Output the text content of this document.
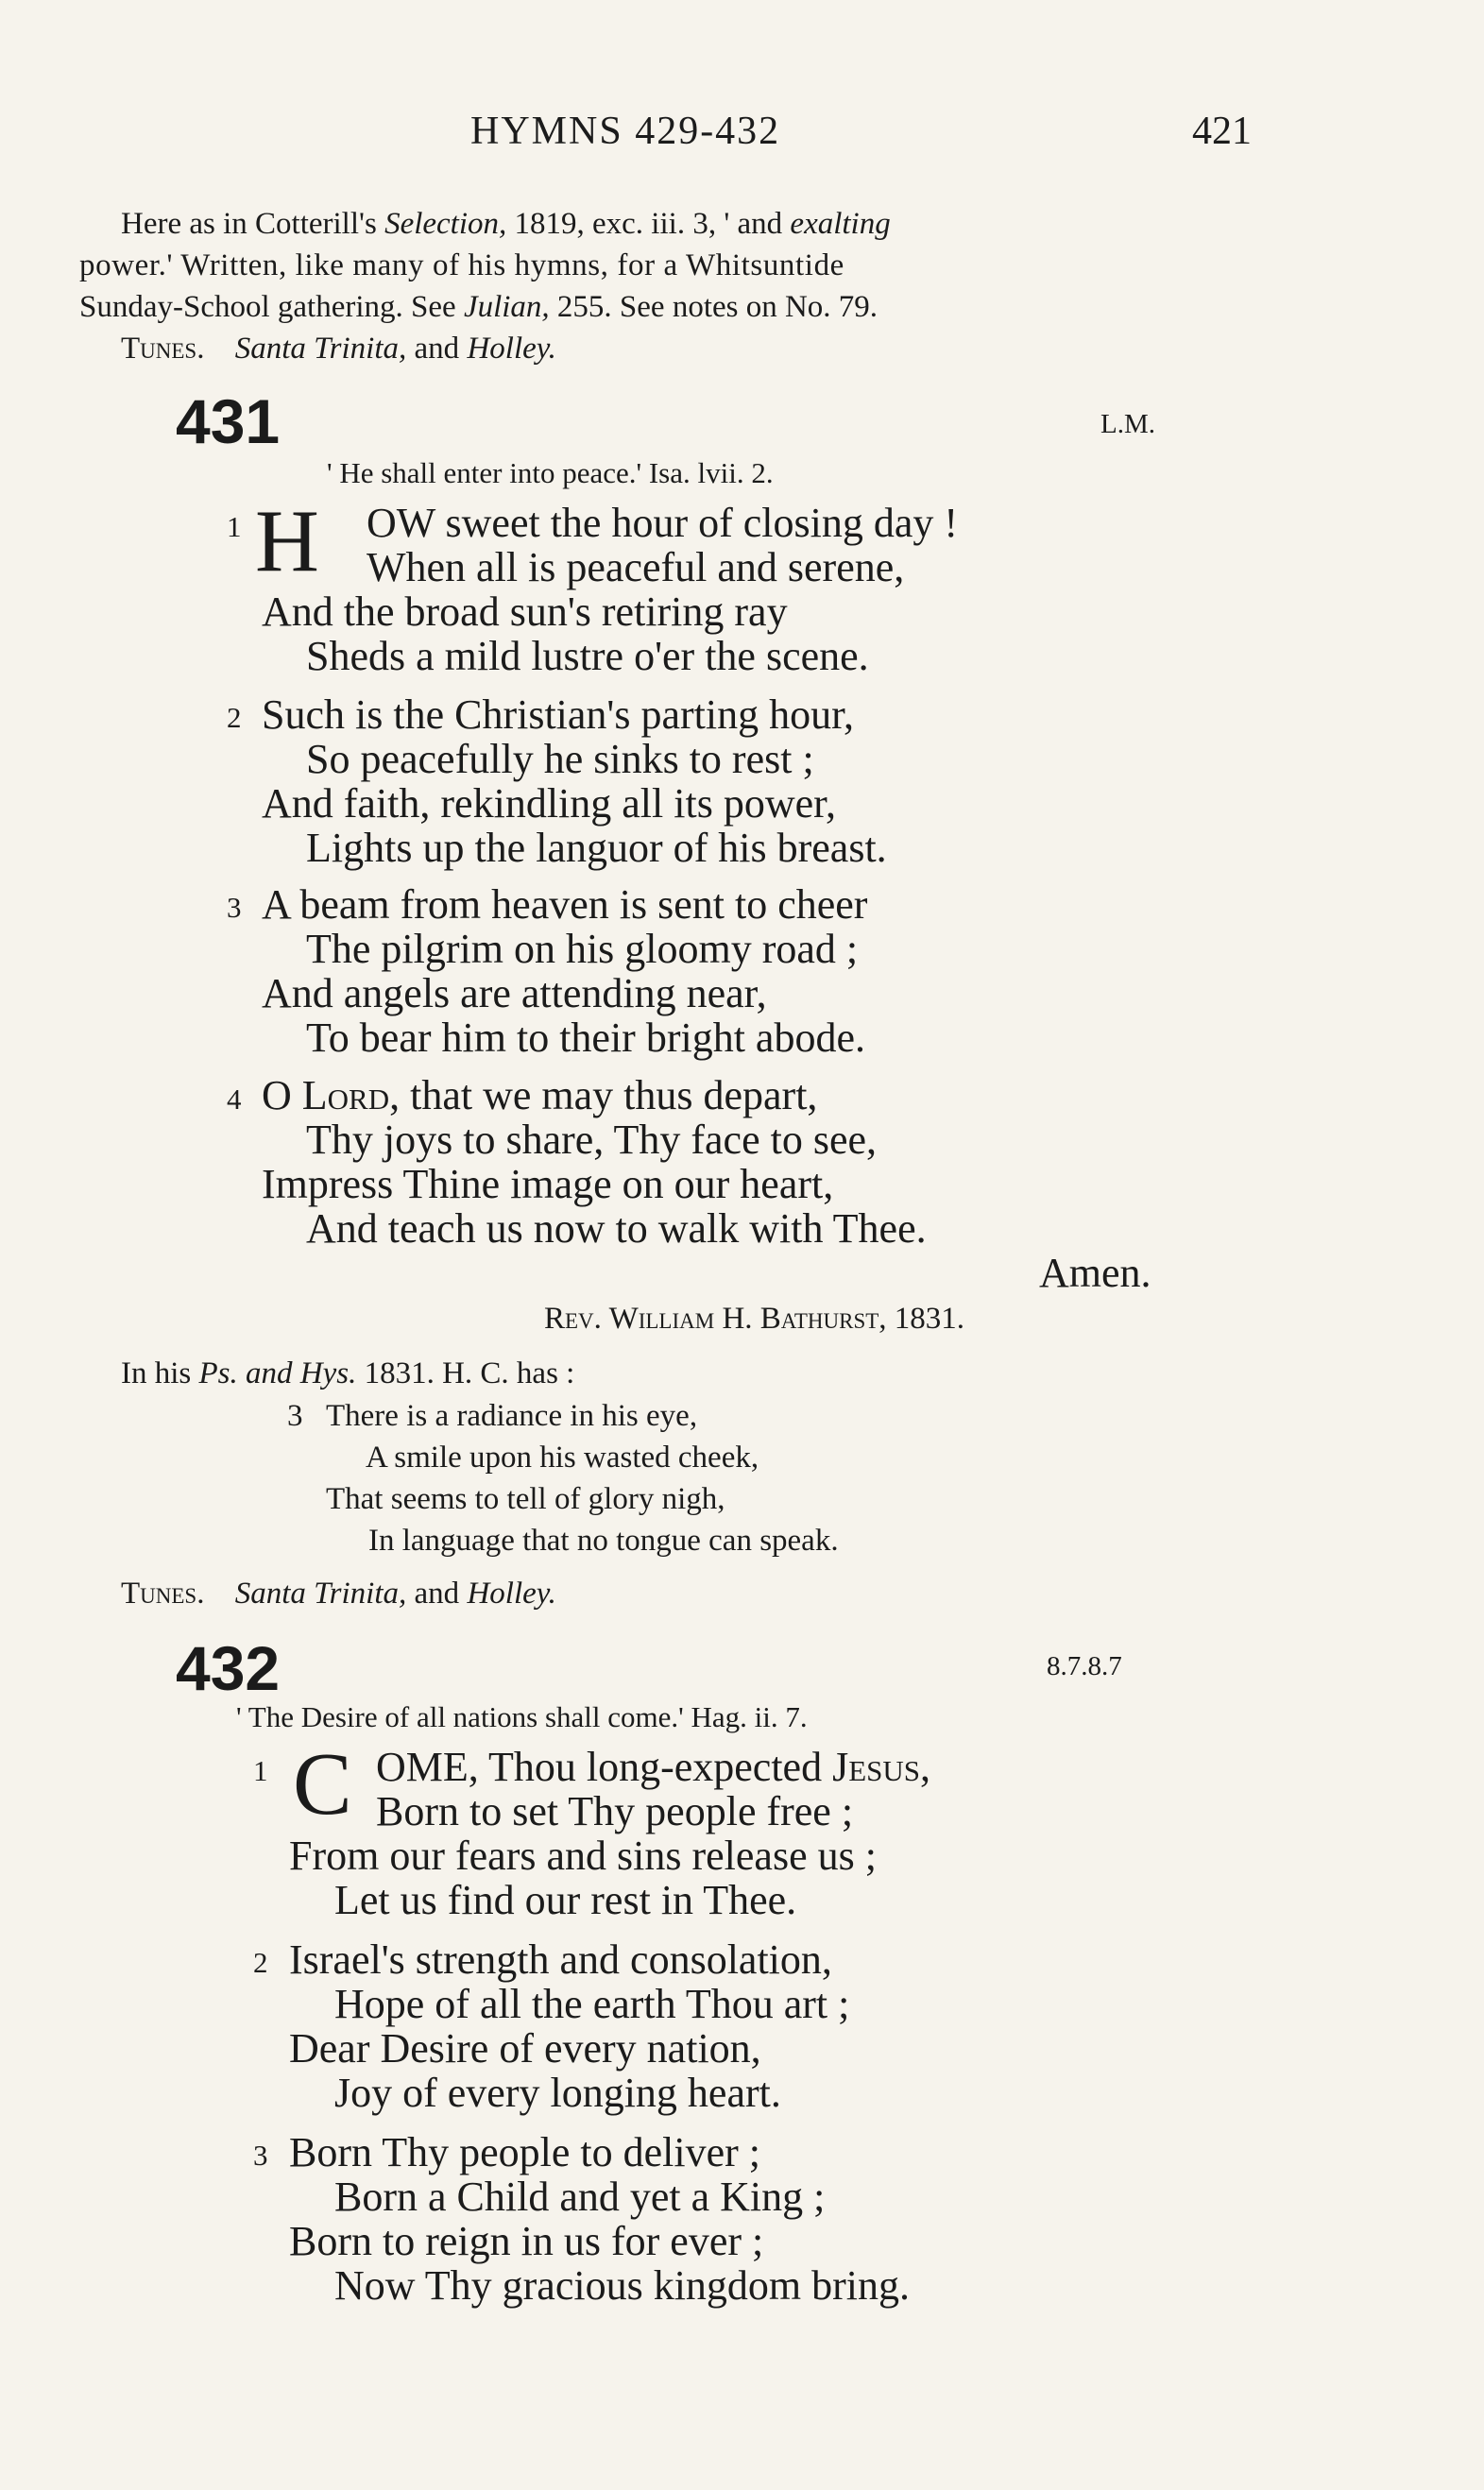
HYMNS 429-432	421
Here as in Cotterill's Selection, 1819, exc. iii. 3, ' and exalting
power.' Written, like many of his hymns, for a Whitsuntide
Sunday-School gathering. See Julian, 255. See notes on No. 79.
Tunes. Santa Trinita, and Holley.
431	L.M.
' He shall enter into peace.' Isa. lvii. 2.
1 H OW sweet the hour of closing day !
When all is peaceful and serene,
And the broad sun's retiring ray
Sheds a mild lustre o'er the scene.
2 Such is the Christian's parting hour,
So peacefully he sinks to rest ;
And faith, rekindling all its power,
Lights up the languor of his breast.
3 A beam from heaven is sent to cheer
The pilgrim on his gloomy road ;
And angels are attending near,
To bear him to their bright abode.
4 O Lord, that we may thus depart,
Thy joys to share, Thy face to see,
Impress Thine image on our heart,
And teach us now to walk with Thee.
Amen.
Rev. William H. Bathurst, 1831.
In his Ps. and Hys. 1831. H. C. has :
3 There is a radiance in his eye,
A smile upon his wasted cheek,
That seems to tell of glory nigh,
In language that no tongue can speak.
Tunes. Santa Trinita, and Holley.
432	8.7.8.7
' The Desire of all nations shall come.' Hag. ii. 7.
1 C OME, Thou long-expected Jesus,
Born to set Thy people free ;
From our fears and sins release us ;
Let us find our rest in Thee.
2 Israel's strength and consolation,
Hope of all the earth Thou art ;
Dear Desire of every nation,
Joy of every longing heart.
3 Born Thy people to deliver ;
Born a Child and yet a King ;
Born to reign in us for ever ;
Now Thy gracious kingdom bring.
